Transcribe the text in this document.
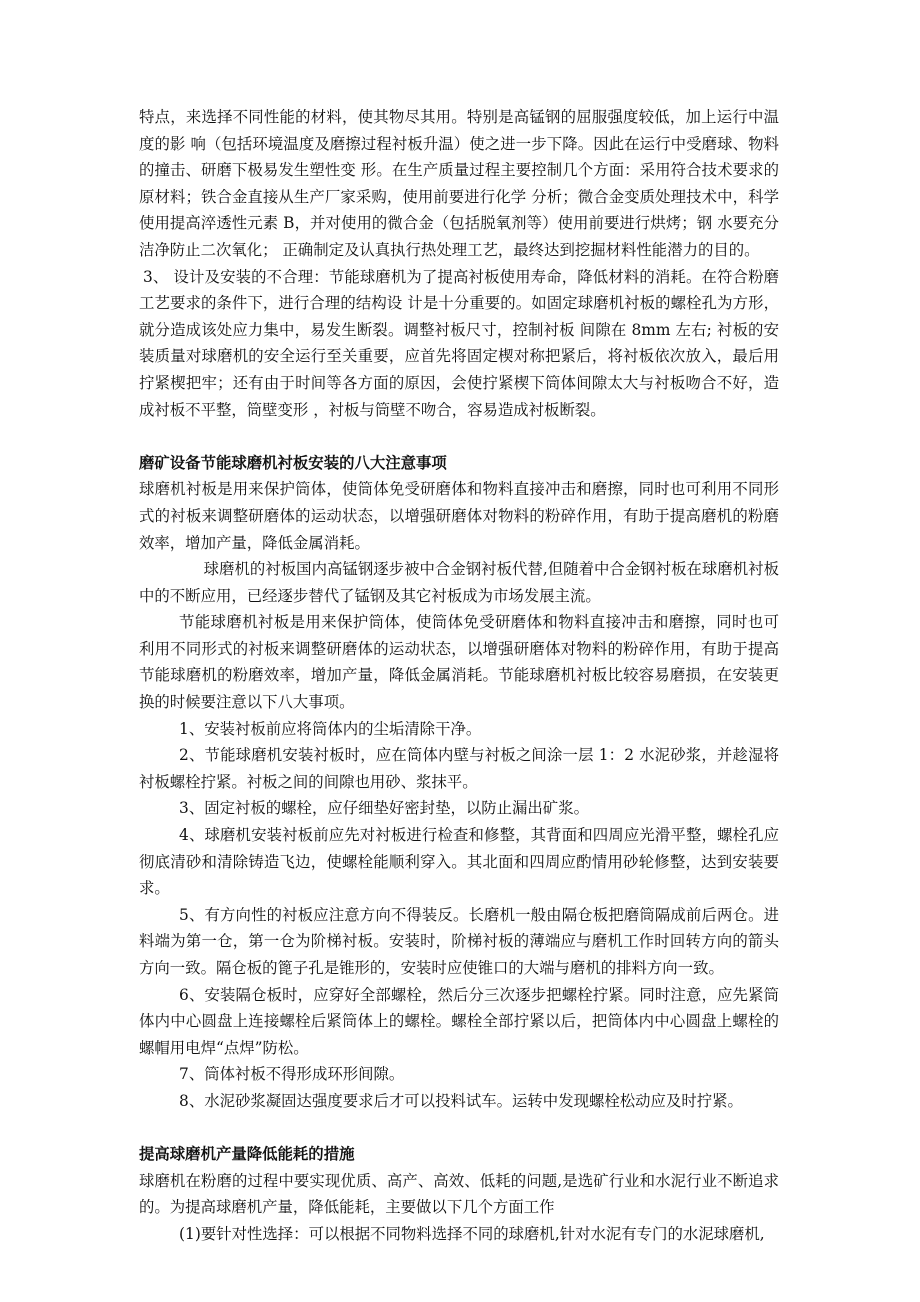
特点，来选择不同性能的材料，使其物尽其用。特别是高锰钢的屈服强度较低，加上运行中温度的影 响（包括环境温度及磨擦过程衬板升温）使之进一步下降。因此在运行中受磨球、物料的撞击、研磨下极易发生塑性变 形。在生产质量过程主要控制几个方面：采用符合技术要求的原材料；铁合金直接从生产厂家采购，使用前要进行化学 分析；微合金变质处理技术中，科学使用提高淬透性元素 B，并对使用的微合金（包括脱氧剂等）使用前要进行烘烤；钢 水要充分洁净防止二次氧化； 正确制定及认真执行热处理工艺，最终达到挖掘材料性能潜力的目的。

3、 设计及安装的不合理：节能球磨机为了提高衬板使用寿命，降低材料的消耗。在符合粉磨工艺要求的条件下，进行合理的结构设 计是十分重要的。如固定球磨机衬板的螺栓孔为方形，就分造成该处应力集中，易发生断裂。调整衬板尺寸，控制衬板 间隙在 8mm 左右; 衬板的安装质量对球磨机的安全运行至关重要，应首先将固定楔对称把紧后，将衬板依次放入，最后用 拧紧楔把牢；还有由于时间等各方面的原因，会使拧紧楔下筒体间隙太大与衬板吻合不好，造成衬板不平整，筒壁变形 ，衬板与筒壁不吻合，容易造成衬板断裂。

磨矿设备节能球磨机衬板安装的八大注意事项

球磨机衬板是用来保护筒体，使筒体免受研磨体和物料直接冲击和磨擦，同时也可利用不同形式的衬板来调整研磨体的运动状态，以增强研磨体对物料的粉碎作用，有助于提高磨机的粉磨效率，增加产量，降低金属消耗。

球磨机的衬板国内高锰钢逐步被中合金钢衬板代替,但随着中合金钢衬板在球磨机衬板中的不断应用，已经逐步替代了锰钢及其它衬板成为市场发展主流。

节能球磨机衬板是用来保护筒体，使筒体免受研磨体和物料直接冲击和磨擦，同时也可利用不同形式的衬板来调整研磨体的运动状态，以增强研磨体对物料的粉碎作用，有助于提高节能球磨机的粉磨效率，增加产量，降低金属消耗。节能球磨机衬板比较容易磨损，在安装更换的时候要注意以下八大事项。

1、安装衬板前应将筒体内的尘垢清除干净。

2、节能球磨机安装衬板时，应在筒体内壁与衬板之间涂一层 1：2 水泥砂浆，并趁湿将衬板螺栓拧紧。衬板之间的间隙也用砂、浆抹平。

3、固定衬板的螺栓，应仔细垫好密封垫，以防止漏出矿浆。

4、球磨机安装衬板前应先对衬板进行检查和修整，其背面和四周应光滑平整，螺栓孔应彻底清砂和清除铸造飞边，使螺栓能顺利穿入。其北面和四周应酌情用砂轮修整，达到安装要求。

5、有方向性的衬板应注意方向不得装反。长磨机一般由隔仓板把磨筒隔成前后两仓。进料端为第一仓，第一仓为阶梯衬板。安装时，阶梯衬板的薄端应与磨机工作时回转方向的箭头方向一致。隔仓板的篦子孔是锥形的，安装时应使锥口的大端与磨机的排料方向一致。

6、安装隔仓板时，应穿好全部螺栓，然后分三次逐步把螺栓拧紧。同时注意，应先紧筒体内中心圆盘上连接螺栓后紧筒体上的螺栓。螺栓全部拧紧以后，把筒体内中心圆盘上螺栓的螺帽用电焊“点焊”防松。

7、筒体衬板不得形成环形间隙。

8、水泥砂浆凝固达强度要求后才可以投料试车。运转中发现螺栓松动应及时拧紧。

提高球磨机产量降低能耗的措施

球磨机在粉磨的过程中要实现优质、高产、高效、低耗的问题,是选矿行业和水泥行业不断追求的。为提高球磨机产量，降低能耗，主要做以下几个方面工作

(1)要针对性选择：可以根据不同物料选择不同的球磨机,针对水泥有专门的水泥球磨机,
